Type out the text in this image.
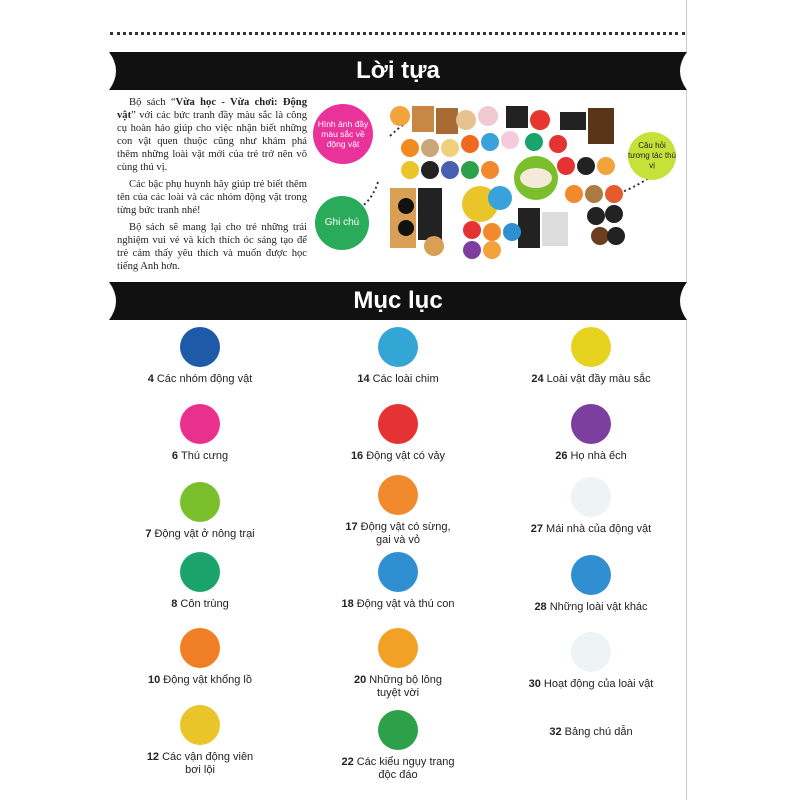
Lời tựa

Bộ sách “Vừa học - Vừa chơi: Động vật” với các bức tranh đầy màu sắc là công cụ hoàn hảo giúp cho việc nhận biết những con vật quen thuộc cũng như khám phá thêm những loài vật mới của trẻ trở nên vô cùng thú vị.

Các bậc phụ huynh hãy giúp trẻ biết thêm tên của các loài và các nhóm động vật trong từng bức tranh nhé!

Bộ sách sẽ mang lại cho trẻ những trải nghiệm vui vẻ và kích thích óc sáng tạo để trẻ cảm thấy yêu thích và muốn được học tiếng Anh hơn.

Hình ảnh đầy màu sắc về động vật
Ghi chú
Câu hỏi tương tác thú vị
Mục lục
4 Các nhóm động vật
6 Thú cưng
7 Động vật ở nông trại
8 Côn trùng
10 Động vật khổng lồ
12 Các vận động viên
bơi lội
14 Các loài chim
16 Động vật có vảy
17 Động vật có sừng,
gai và vỏ
18 Động vật và thú con
20 Những bộ lông
tuyệt vời
22 Các kiểu ngụy trang
độc đáo
24 Loài vật đầy màu sắc
26 Họ nhà ếch
27 Mái nhà của động vật
28 Những loài vật khác
30 Hoạt động của loài vật
32 Bảng chú dẫn
